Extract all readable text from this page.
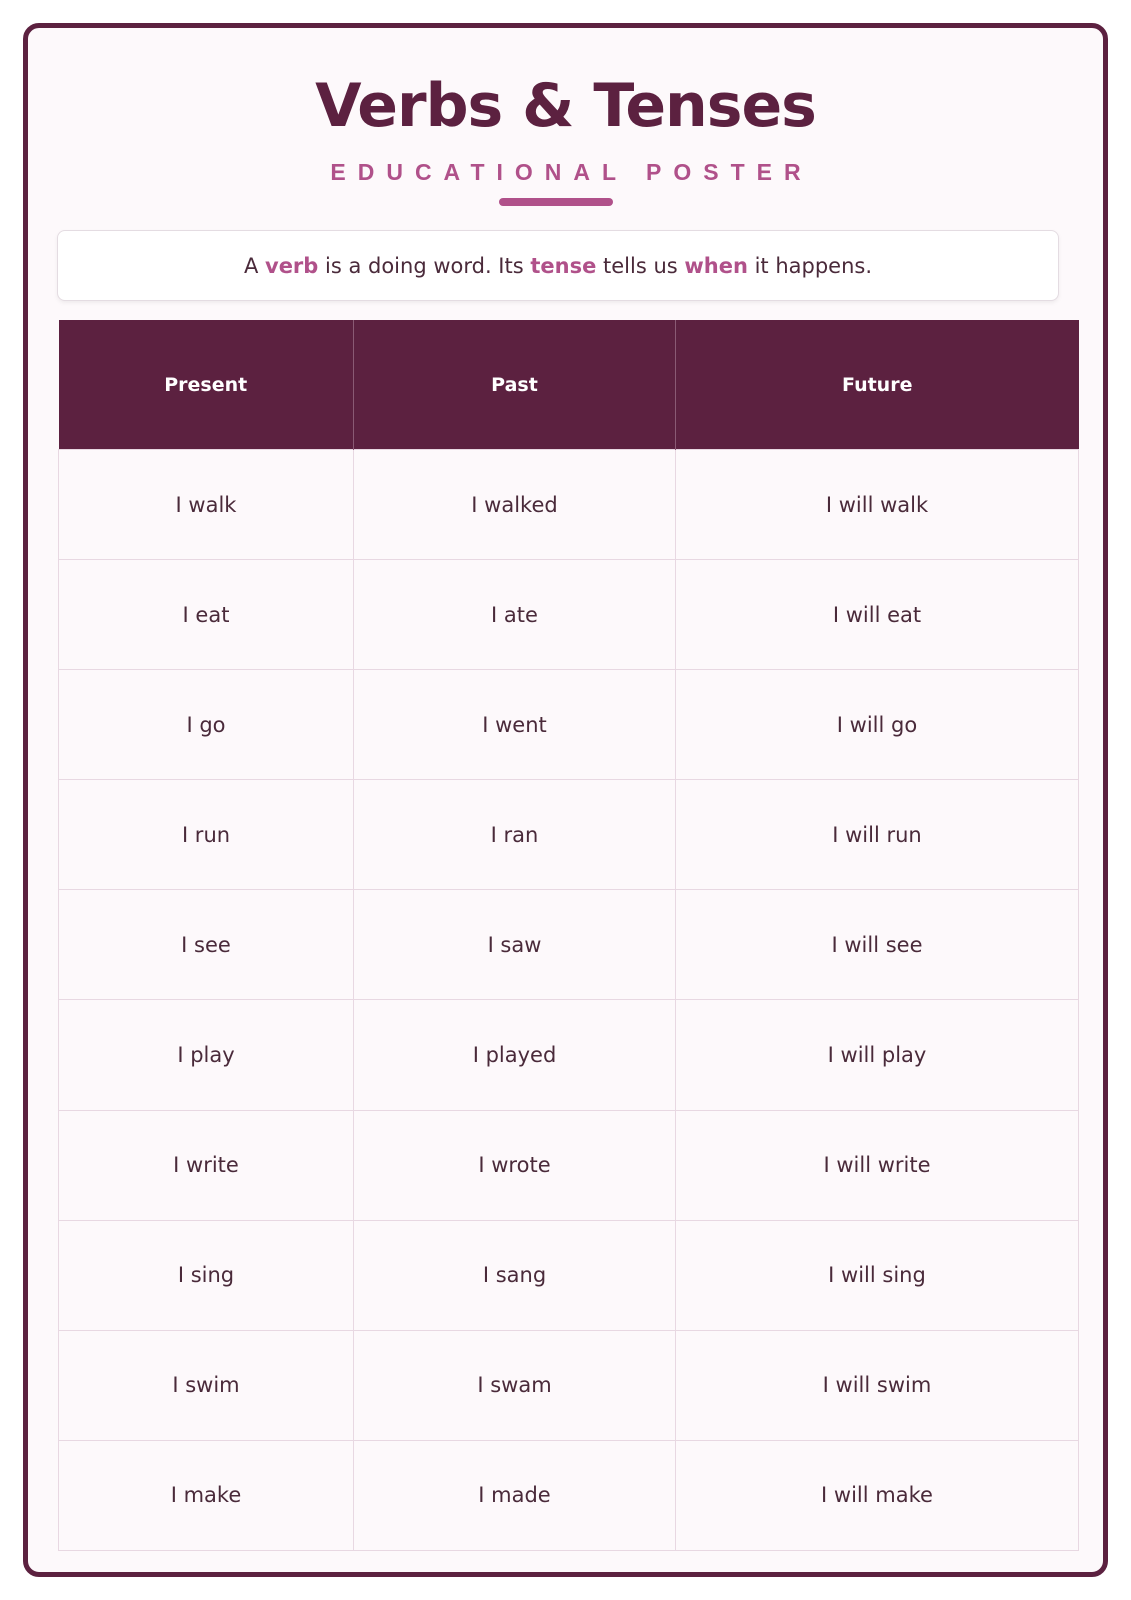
Verbs & Tenses
EDUCATIONAL POSTER
A verb is a doing word. Its tense tells us when it happens.
Present	Past	Future
I walk	I walked	I will walk
I eat	I ate	I will eat
I go	I went	I will go
I run	I ran	I will run
I see	I saw	I will see
I play	I played	I will play
I write	I wrote	I will write
I sing	I sang	I will sing
I swim	I swam	I will swim
I make	I made	I will make
